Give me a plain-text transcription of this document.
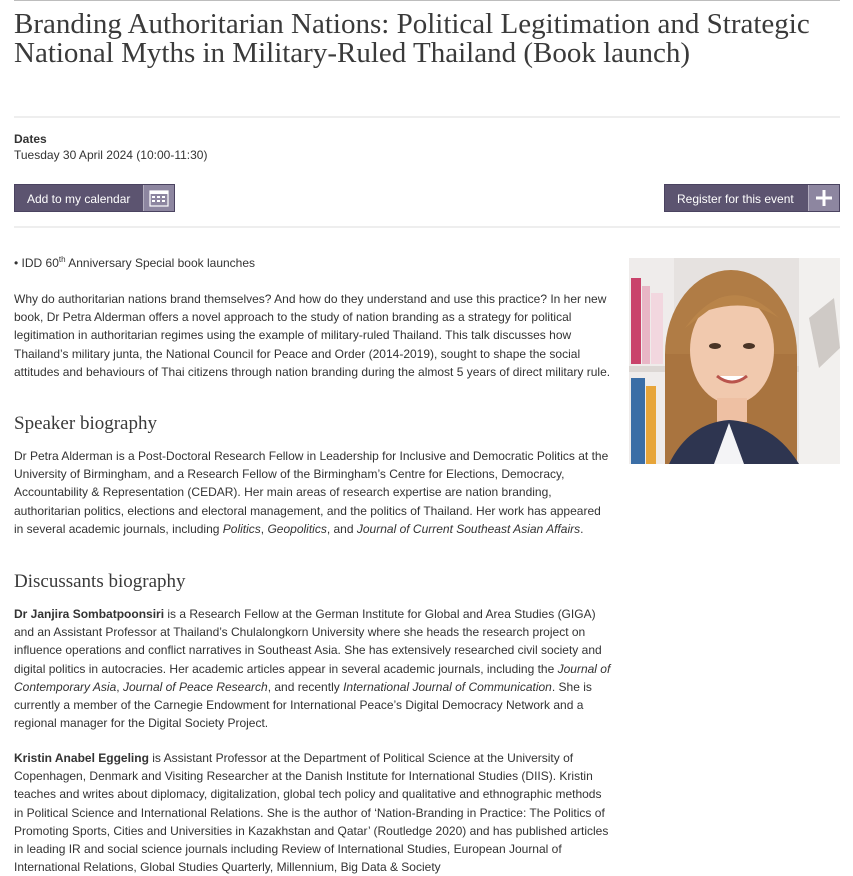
Branding Authoritarian Nations: Political Legitimation and Strategic National Myths in Military-Ruled Thailand (Book launch)
Dates
Tuesday 30 April 2024 (10:00-11:30)
Add to my calendar	Register for this event
• IDD 60th Anniversary Special book launches

Why do authoritarian nations brand themselves? And how do they understand and use this practice? In her new book, Dr Petra Alderman offers a novel approach to the study of nation branding as a strategy for political legitimation in authoritarian regimes using the example of military-ruled Thailand. This talk discusses how Thailand’s military junta, the National Council for Peace and Order (2014-2019), sought to shape the social attitudes and behaviours of Thai citizens through nation branding during the almost 5 years of direct military rule.

Speaker biography

Dr Petra Alderman is a Post-Doctoral Research Fellow in Leadership for Inclusive and Democratic Politics at the University of Birmingham, and a Research Fellow of the Birmingham’s Centre for Elections, Democracy, Accountability & Representation (CEDAR). Her main areas of research expertise are nation branding, authoritarian politics, elections and electoral management, and the politics of Thailand. Her work has appeared in several academic journals, including Politics, Geopolitics, and Journal of Current Southeast Asian Affairs.

Discussants biography

Dr Janjira Sombatpoonsiri is a Research Fellow at the German Institute for Global and Area Studies (GIGA) and an Assistant Professor at Thailand’s Chulalongkorn University where she heads the research project on influence operations and conflict narratives in Southeast Asia. She has extensively researched civil society and digital politics in autocracies. Her academic articles appear in several academic journals, including the Journal of Contemporary Asia, Journal of Peace Research, and recently International Journal of Communication. She is currently a member of the Carnegie Endowment for International Peace’s Digital Democracy Network and a regional manager for the Digital Society Project.

Kristin Anabel Eggeling is Assistant Professor at the Department of Political Science at the University of Copenhagen, Denmark and Visiting Researcher at the Danish Institute for International Studies (DIIS). Kristin teaches and writes about diplomacy, digitalization, global tech policy and qualitative and ethnographic methods in Political Science and International Relations. She is the author of ‘Nation-Branding in Practice: The Politics of Promoting Sports, Cities and Universities in Kazakhstan and Qatar’ (Routledge 2020) and has published articles in leading IR and social science journals including Review of International Studies, European Journal of International Relations, Global Studies Quarterly, Millennium, Big Data & Society
